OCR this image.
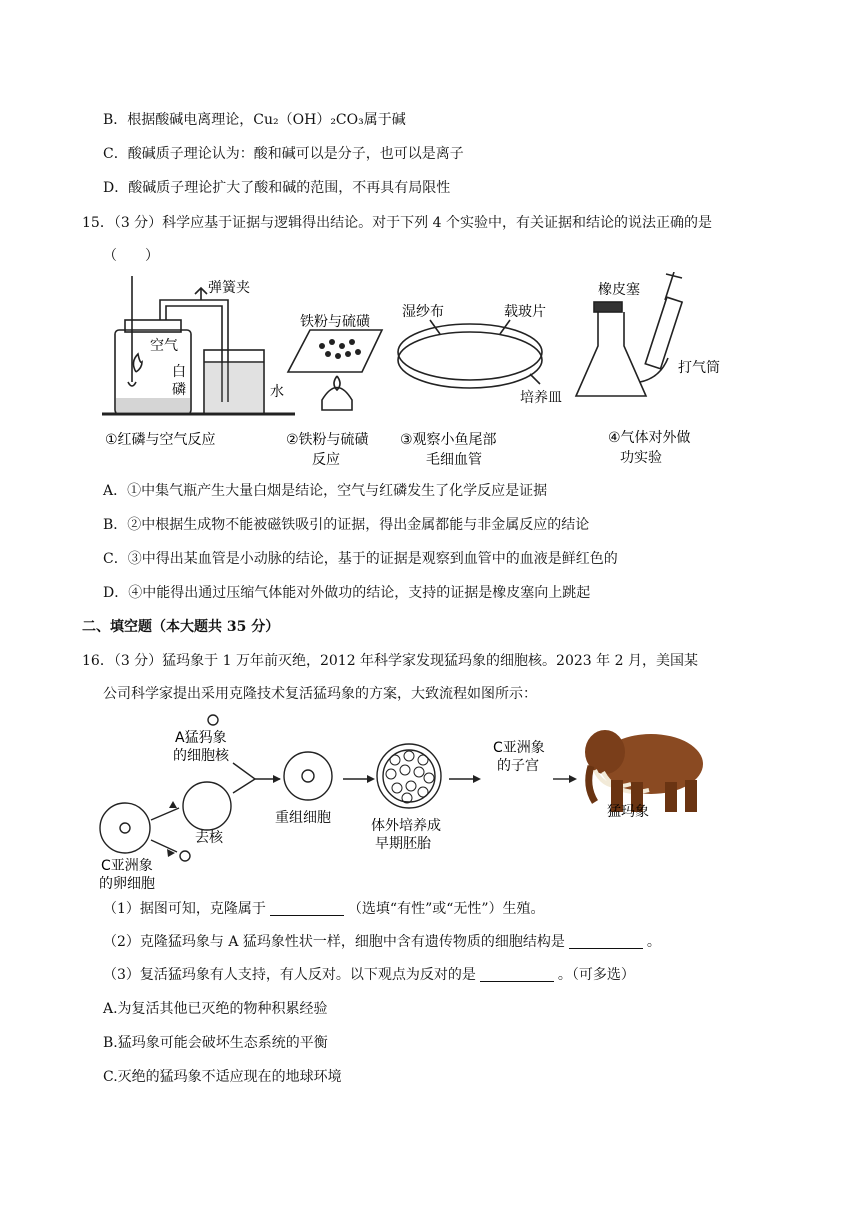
B．根据酸碱电离理论，Cu₂（OH）₂CO₃属于碱
C．酸碱质子理论认为：酸和碱可以是分子，也可以是离子
D．酸碱质子理论扩大了酸和碱的范围，不再具有局限性
15．（3 分）科学应基于证据与逻辑得出结论。对于下列 4 个实验中，有关证据和结论的说法正确的是
（　　）
弹簧夹
空气
白
磷	水
①红磷与空气反应
铁粉与硫磺
②铁粉与硫磺
反应
湿纱布	载玻片
培养皿
③观察小鱼尾部
毛细血管
橡皮塞
打气筒
④气体对外做
功实验
A．①中集气瓶产生大量白烟是结论，空气与红磷发生了化学反应是证据
B．②中根据生成物不能被磁铁吸引的证据，得出金属都能与非金属反应的结论
C．③中得出某血管是小动脉的结论，基于的证据是观察到血管中的血液是鲜红色的
D．④中能得出通过压缩气体能对外做功的结论，支持的证据是橡皮塞向上跳起
二、填空题（本大题共 35 分）
16．（3 分）猛玛象于 1 万年前灭绝，2012 年科学家发现猛玛象的细胞核。2023 年 2 月，美国某
公司科学家提出采用克隆技术复活猛玛象的方案，大致流程如图所示：
A猛犸象
的细胞核
重组细胞	体外培养成
早期胚胎
C亚洲象
的子宫
猛玛象
去核
C亚洲象
的卵细胞
（1）据图可知，克隆属于	（选填“有性”或“无性”）生殖。
（2）克隆猛玛象与 A 猛玛象性状一样，细胞中含有遗传物质的细胞结构是	。
（3）复活猛玛象有人支持，有人反对。以下观点为反对的是	。（可多选）
A.为复活其他已灭绝的物种积累经验
B.猛玛象可能会破坏生态系统的平衡
C.灭绝的猛玛象不适应现在的地球环境
